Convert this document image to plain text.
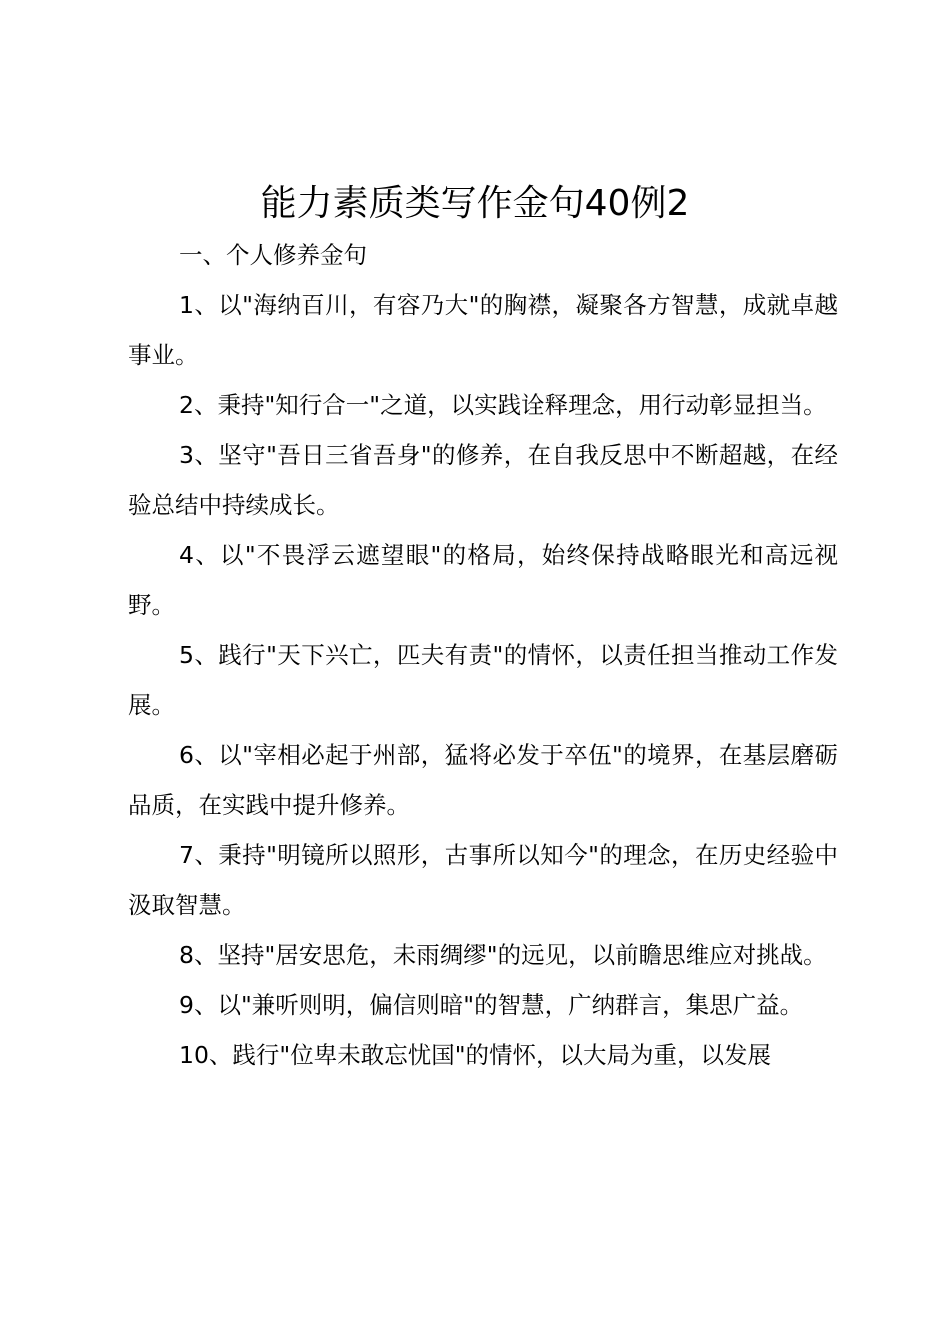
能力素质类写作金句40例2

一、个人修养金句

1、以"海纳百川，有容乃大"的胸襟，凝聚各方智慧，成就卓越事业。

2、秉持"知行合一"之道，以实践诠释理念，用行动彰显担当。

3、坚守"吾日三省吾身"的修养，在自我反思中不断超越，在经验总结中持续成长。

4、以"不畏浮云遮望眼"的格局，始终保持战略眼光和高远视野。

5、践行"天下兴亡，匹夫有责"的情怀，以责任担当推动工作发展。

6、以"宰相必起于州部，猛将必发于卒伍"的境界，在基层磨砺品质，在实践中提升修养。

7、秉持"明镜所以照形，古事所以知今"的理念，在历史经验中汲取智慧。

8、坚持"居安思危，未雨绸缪"的远见，以前瞻思维应对挑战。

9、以"兼听则明，偏信则暗"的智慧，广纳群言，集思广益。

10、践行"位卑未敢忘忧国"的情怀，以大局为重，以发展
